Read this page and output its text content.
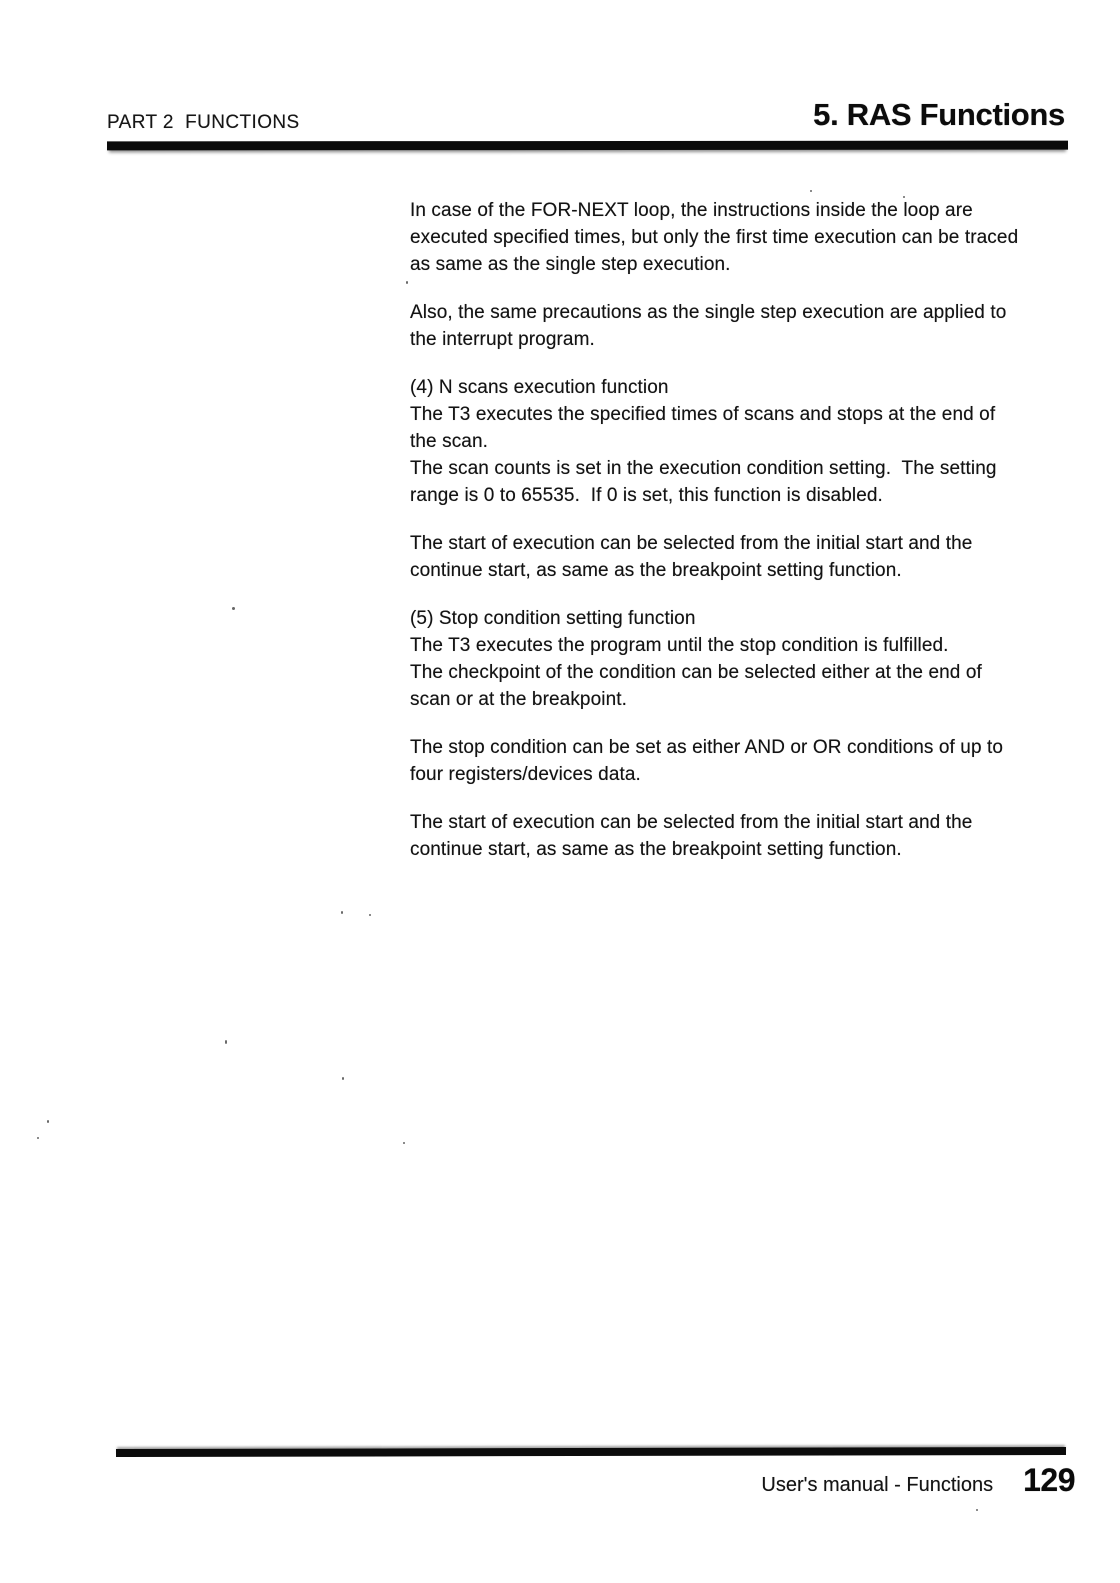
PART 2  FUNCTIONS	5. RAS Functions
In case of the FOR-NEXT loop, the instructions inside the loop are
executed specified times, but only the first time execution can be traced
as same as the single step execution.
Also, the same precautions as the single step execution are applied to
the interrupt program.
(4) N scans execution function
The T3 executes the specified times of scans and stops at the end of
the scan.
The scan counts is set in the execution condition setting.  The setting
range is 0 to 65535.  If 0 is set, this function is disabled.
The start of execution can be selected from the initial start and the
continue start, as same as the breakpoint setting function.
(5) Stop condition setting function
The T3 executes the program until the stop condition is fulfilled.
The checkpoint of the condition can be selected either at the end of
scan or at the breakpoint.
The stop condition can be set as either AND or OR conditions of up to
four registers/devices data.
The start of execution can be selected from the initial start and the
continue start, as same as the breakpoint setting function.
User's manual - Functions 129
